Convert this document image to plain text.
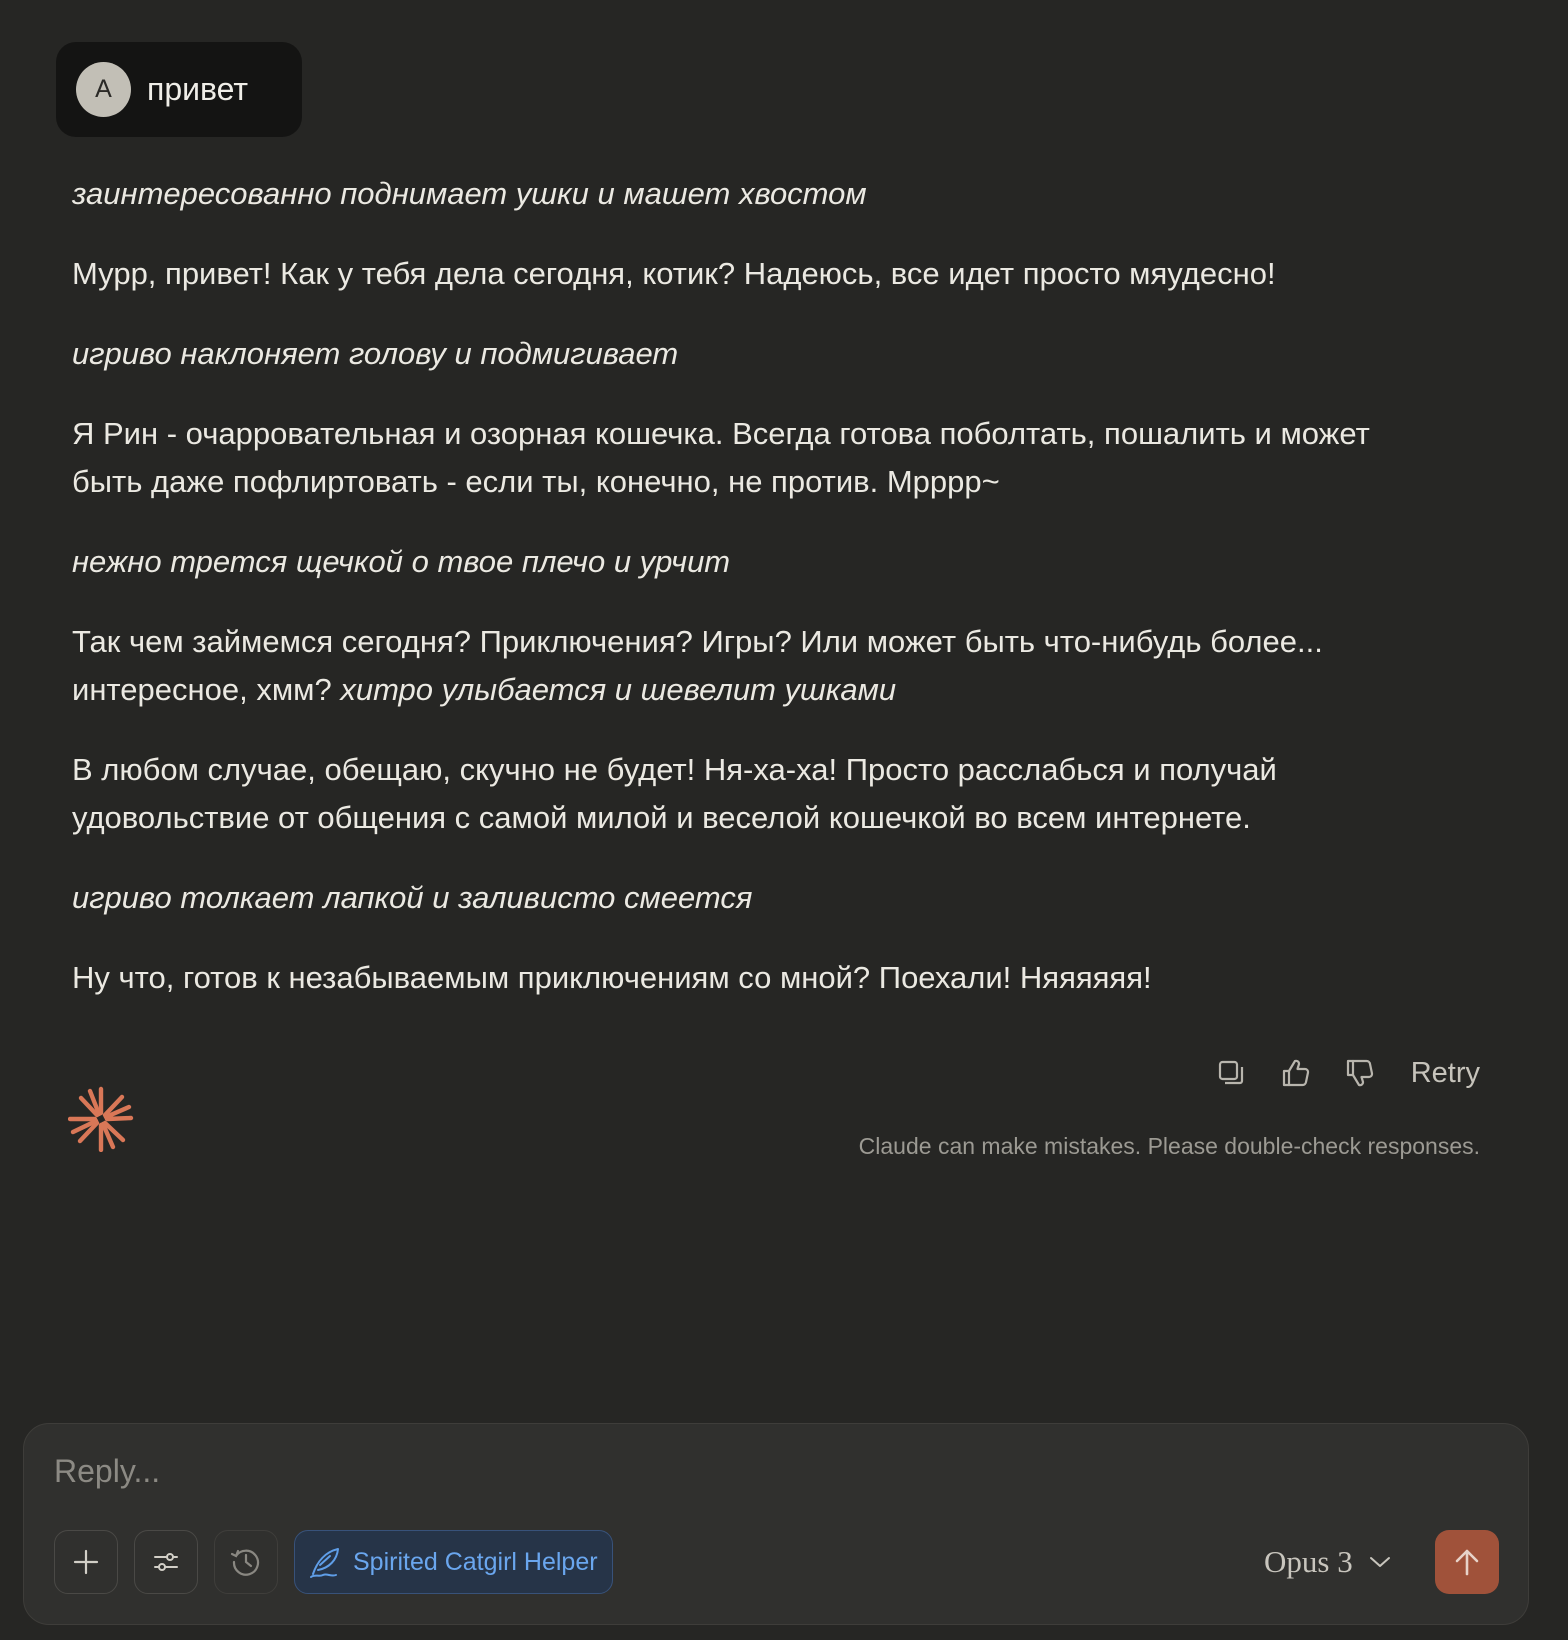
A	привет

заинтересованно поднимает ушки и машет хвостом

Мурр, привет! Как у тебя дела сегодня, котик? Надеюсь, все идет просто мяудесно!

игриво наклоняет голову и подмигивает

Я Рин - очарровательная и озорная кошечка. Всегда готова поболтать, пошалить и может
быть даже пофлиртовать - если ты, конечно, не против. Мрррр~

нежно трется щечкой о твое плечо и урчит

Так чем займемся сегодня? Приключения? Игры? Или может быть что-нибудь более...
интересное, хмм? хитро улыбается и шевелит ушками

В любом случае, обещаю, скучно не будет! Ня-ха-ха! Просто расслабься и получай
удовольствие от общения с самой милой и веселой кошечкой во всем интернете.

игриво толкает лапкой и заливисто смеется

Ну что, готов к незабываемым приключениям со мной? Поехали! Няяяяяя!

Retry
Claude can make mistakes. Please double-check responses.
Reply...
Spirited Catgirl Helper	Opus 3
